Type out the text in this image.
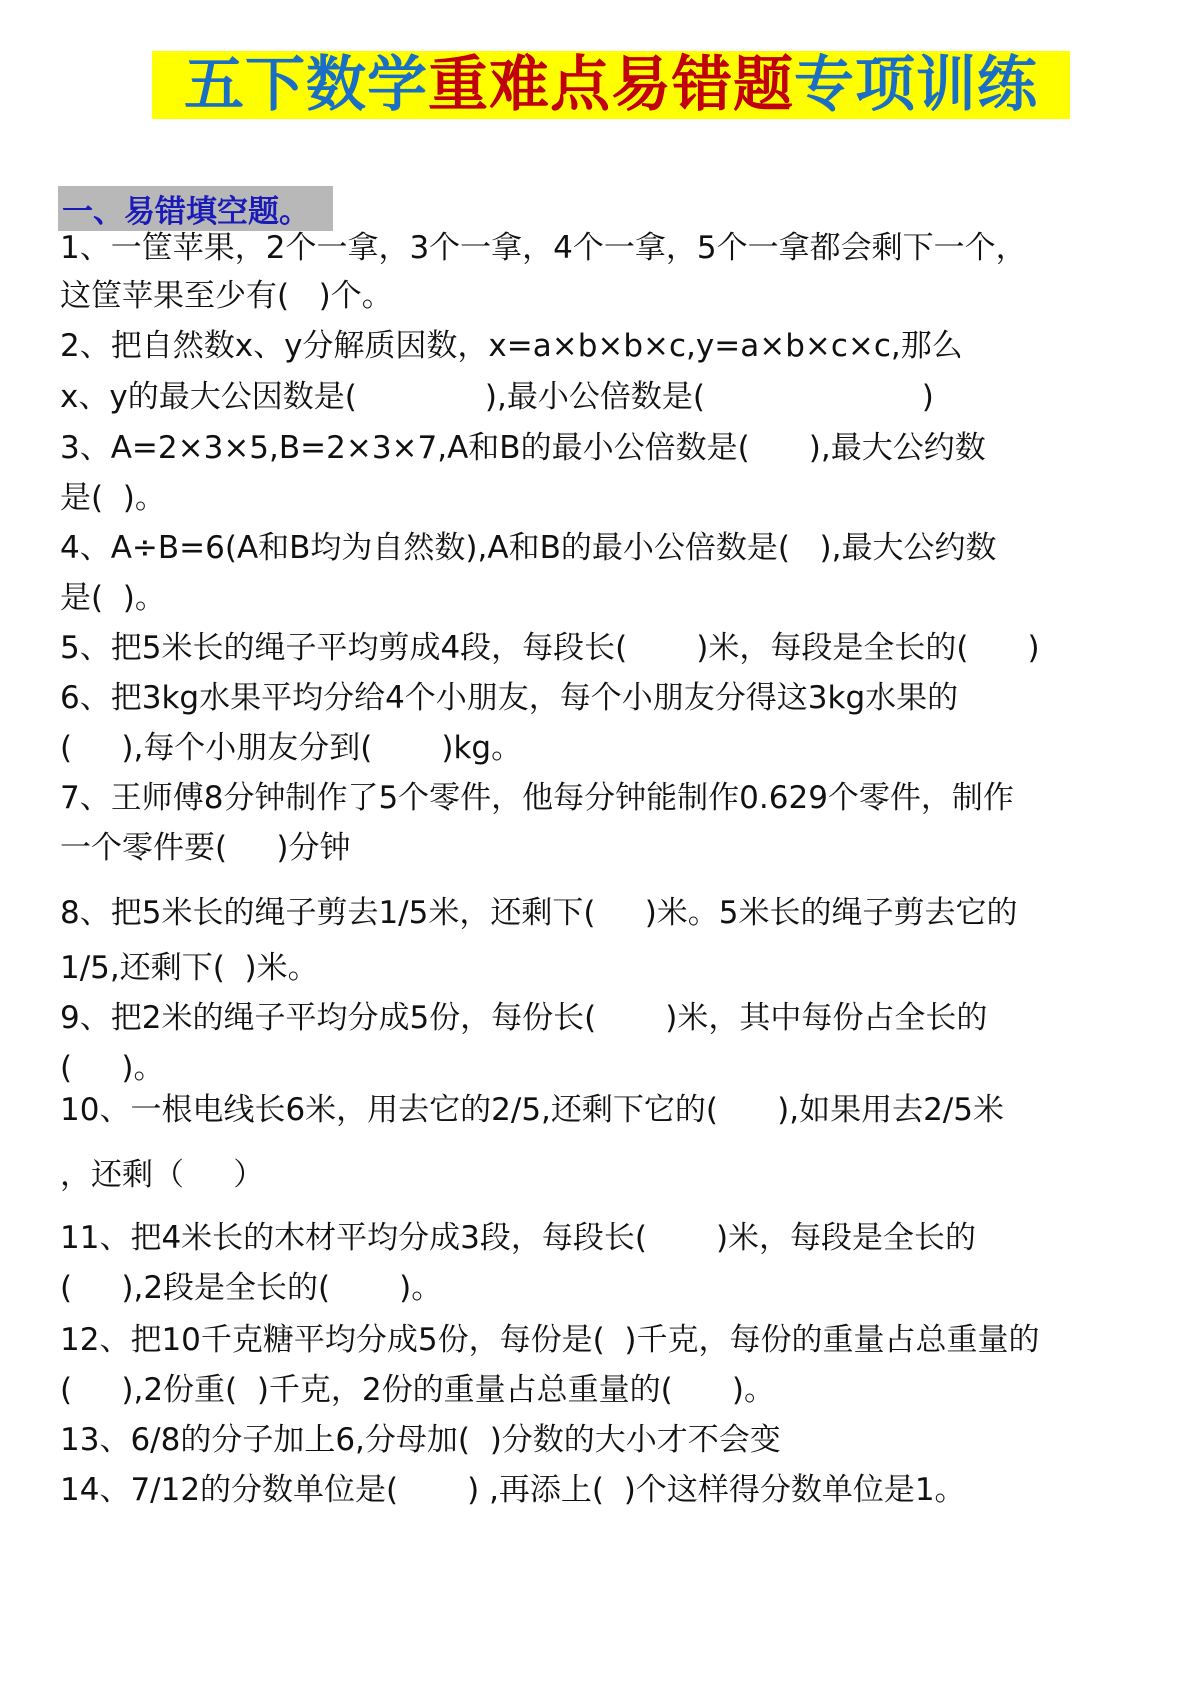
五下数学重难点易错题专项训练
一、易错填空题。
1、一筐苹果，2个一拿，3个一拿，4个一拿，5个一拿都会剩下一个，
这筐苹果至少有(   )个。
2、把自然数x、y分解质因数，x=a×b×b×c,y=a×b×c×c,那么
x、y的最大公因数是(             ),最小公倍数是(                      )
3、A=2×3×5,B=2×3×7,A和B的最小公倍数是(      ),最大公约数
是(  )。
4、A÷B=6(A和B均为自然数),A和B的最小公倍数是(   ),最大公约数
是(  )。
5、把5米长的绳子平均剪成4段，每段长(       )米，每段是全长的(      )
6、把3kg水果平均分给4个小朋友，每个小朋友分得这3kg水果的
(     ),每个小朋友分到(       )kg。
7、王师傅8分钟制作了5个零件，他每分钟能制作0.629个零件，制作
一个零件要(     )分钟
8、把5米长的绳子剪去1/5米，还剩下(     )米。5米长的绳子剪去它的
1/5,还剩下(  )米。
9、把2米的绳子平均分成5份，每份长(       )米，其中每份占全长的
(     )。
10、一根电线长6米，用去它的2/5,还剩下它的(      ),如果用去2/5米
，还剩（     ）
11、把4米长的木材平均分成3段，每段长(       )米，每段是全长的
(     ),2段是全长的(       )。
12、把10千克糖平均分成5份，每份是(  )千克，每份的重量占总重量的
(     ),2份重(  )千克，2份的重量占总重量的(      )。
13、6/8的分子加上6,分母加(  )分数的大小才不会变
14、7/12的分数单位是(       ) ,再添上(  )个这样得分数单位是1。
